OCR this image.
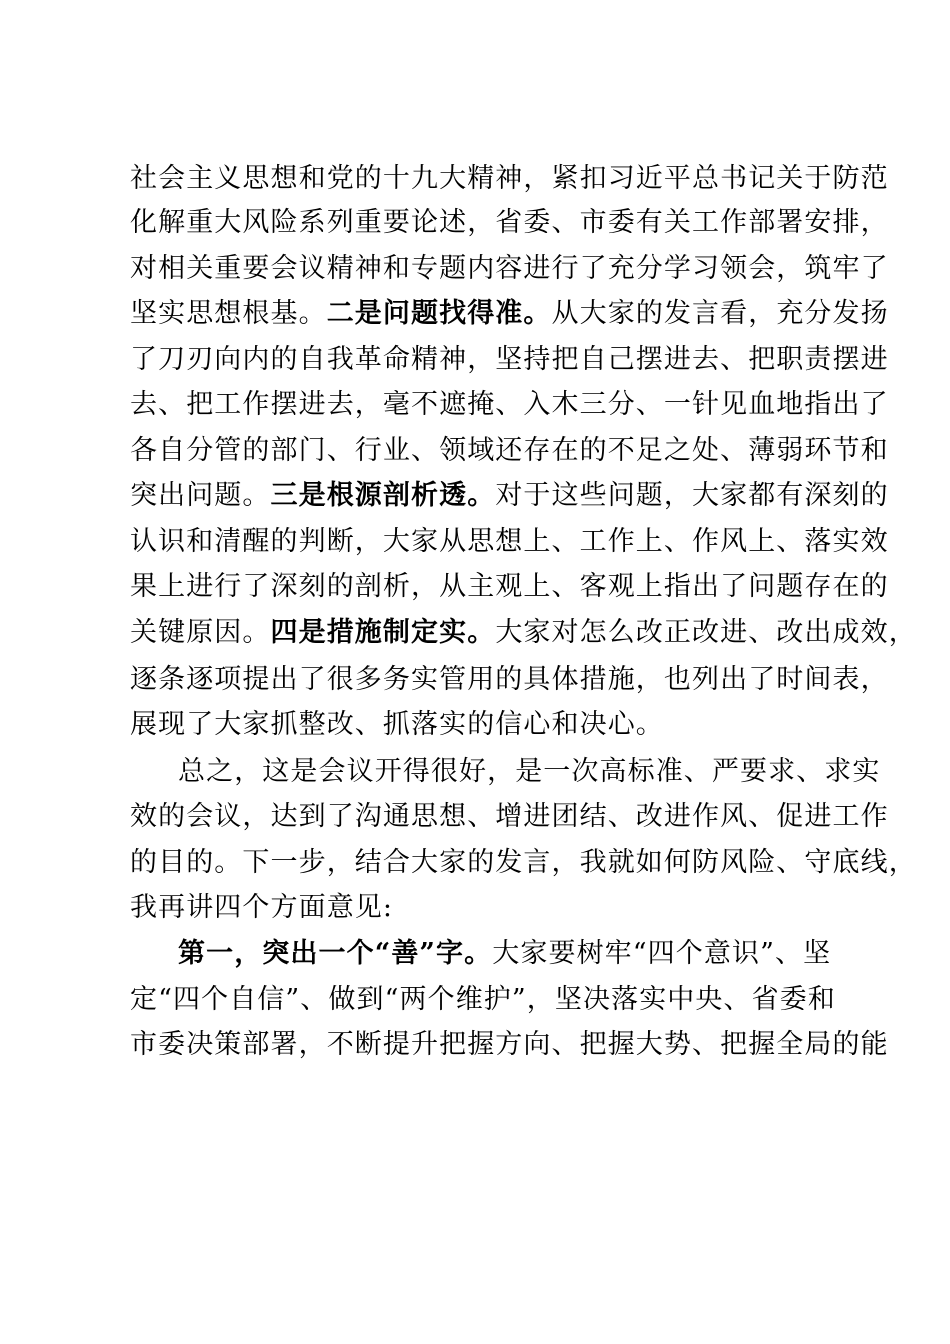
社会主义思想和党的十九大精神，紧扣习近平总书记关于防范
化解重大风险系列重要论述，省委、市委有关工作部署安排，
对相关重要会议精神和专题内容进行了充分学习领会，筑牢了
坚实思想根基。二是问题找得准。从大家的发言看，充分发扬
了刀刃向内的自我革命精神，坚持把自己摆进去、把职责摆进
去、把工作摆进去，毫不遮掩、入木三分、一针见血地指出了
各自分管的部门、行业、领域还存在的不足之处、薄弱环节和
突出问题。三是根源剖析透。对于这些问题，大家都有深刻的
认识和清醒的判断，大家从思想上、工作上、作风上、落实效
果上进行了深刻的剖析，从主观上、客观上指出了问题存在的
关键原因。四是措施制定实。大家对怎么改正改进、改出成效，
逐条逐项提出了很多务实管用的具体措施，也列出了时间表，
展现了大家抓整改、抓落实的信心和决心。
总之，这是会议开得很好，是一次高标准、严要求、求实
效的会议，达到了沟通思想、增进团结、改进作风、促进工作
的目的。下一步，结合大家的发言，我就如何防风险、守底线，
我再讲四个方面意见:
第一，突出一个“善”字。大家要树牢“四个意识”、坚
定“四个自信”、做到“两个维护”，坚决落实中央、省委和
市委决策部署，不断提升把握方向、把握大势、把握全局的能
